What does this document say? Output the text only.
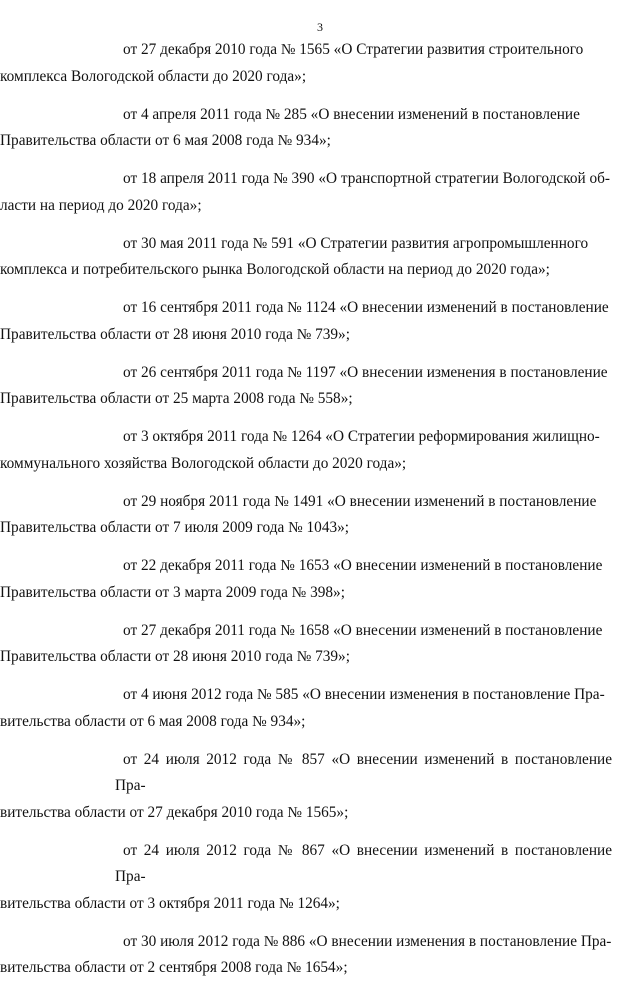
3
от 27 декабря 2010 года № 1565 «О Стратегии развития строительного
комплекса Вологодской области до 2020 года»;
от 4 апреля 2011 года № 285 «О внесении изменений в постановление
Правительства области от 6 мая 2008 года № 934»;
от 18 апреля 2011 года № 390 «О транспортной стратегии Вологодской об-
ласти на период до 2020 года»;
от 30 мая 2011 года № 591 «О Стратегии развития агропромышленного
комплекса и потребительского рынка Вологодской области на период до 2020 года»;
от 16 сентября 2011 года № 1124 «О внесении изменений в постановление
Правительства области от 28 июня 2010 года № 739»;
от 26 сентября 2011 года № 1197 «О внесении изменения в постановление
Правительства области от 25 марта 2008 года № 558»;
от 3 октября 2011 года № 1264 «О Стратегии реформирования жилищно-
коммунального хозяйства Вологодской области до 2020 года»;
от 29 ноября 2011 года № 1491 «О внесении изменений в постановление
Правительства области от 7 июля 2009 года № 1043»;
от 22 декабря 2011 года № 1653 «О внесении изменений в постановление
Правительства области от 3 марта 2009 года № 398»;
от 27 декабря 2011 года № 1658 «О внесении изменений в постановление
Правительства области от 28 июня 2010 года № 739»;
от 4 июня 2012 года № 585 «О внесении изменения в постановление Пра-
вительства области от 6 мая 2008 года № 934»;
от 24 июля 2012 года № 857 «О внесении изменений в постановление Пра-
вительства области от 27 декабря 2010 года № 1565»;
от 24 июля 2012 года № 867 «О внесении изменений в постановление Пра-
вительства области от 3 октября 2011 года № 1264»;
от 30 июля 2012 года № 886 «О внесении изменения в постановление Пра-
вительства области от 2 сентября 2008 года № 1654»;
